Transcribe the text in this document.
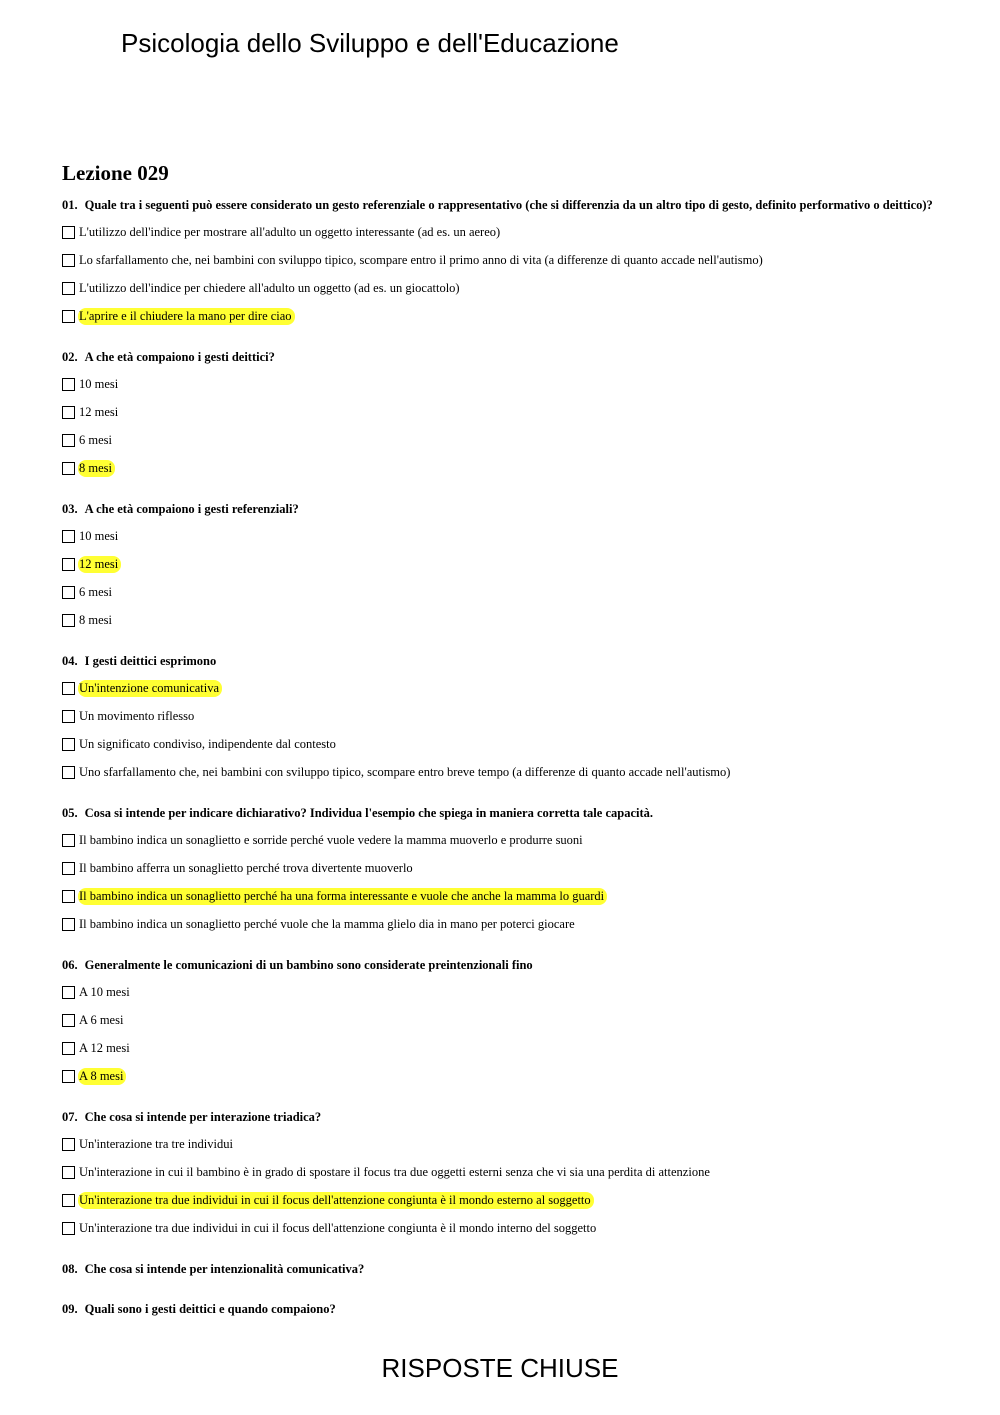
Psicologia dello Sviluppo e dell'Educazione
Lezione 029
01. Quale tra i seguenti può essere considerato un gesto referenziale o rappresentativo (che si differenzia da un altro tipo di gesto, definito performativo o deittico)?
L'utilizzo dell'indice per mostrare all'adulto un oggetto interessante (ad es. un aereo)
Lo sfarfallamento che, nei bambini con sviluppo tipico, scompare entro il primo anno di vita (a differenze di quanto accade nell'autismo)
L'utilizzo dell'indice per chiedere all'adulto un oggetto (ad es. un giocattolo)
L'aprire e il chiudere la mano per dire ciao
02. A che età compaiono i gesti deittici?
10 mesi
12 mesi
6 mesi
8 mesi
03. A che età compaiono i gesti referenziali?
10 mesi
12 mesi
6 mesi
8 mesi
04. I gesti deittici esprimono
Un'intenzione comunicativa
Un movimento riflesso
Un significato condiviso, indipendente dal contesto
Uno sfarfallamento che, nei bambini con sviluppo tipico, scompare entro breve tempo (a differenze di quanto accade nell'autismo)
05. Cosa si intende per indicare dichiarativo? Individua l'esempio che spiega in maniera corretta tale capacità.
Il bambino indica un sonaglietto e sorride perché vuole vedere la mamma muoverlo e produrre suoni
Il bambino afferra un sonaglietto perché trova divertente muoverlo
Il bambino indica un sonaglietto perché ha una forma interessante e vuole che anche la mamma lo guardi
Il bambino indica un sonaglietto perché vuole che la mamma glielo dia in mano per poterci giocare
06. Generalmente le comunicazioni di un bambino sono considerate preintenzionali fino
A 10 mesi
A 6 mesi
A 12 mesi
A 8 mesi
07. Che cosa si intende per interazione triadica?
Un'interazione tra tre individui
Un'interazione in cui il bambino è in grado di spostare il focus tra due oggetti esterni senza che vi sia una perdita di attenzione
Un'interazione tra due individui in cui il focus dell'attenzione congiunta è il mondo esterno al soggetto
Un'interazione tra due individui in cui il focus dell'attenzione congiunta è il mondo interno del soggetto
08. Che cosa si intende per intenzionalità comunicativa?
09. Quali sono i gesti deittici e quando compaiono?
RISPOSTE CHIUSE
